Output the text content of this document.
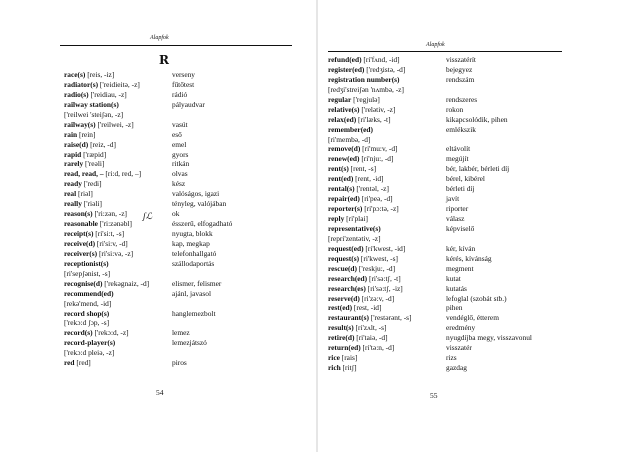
Alapfok
R
race(s) [reis, -iz]	verseny
radiator(s) ['reidieitə, -z]	fűtőtest
radio(s) ['reidiau, -z]	rádió
railway station(s)	pályaudvar
['reilwei 'steiʃən, -z]
railway(s) ['reilwei, -z]	vasút
rain [rein]	eső
raise(d) [reiz, -d]	emel
rapid ['ræpid]	gyors
rarely ['reəli]	ritkán
read, read, – [ri:d, red, –]	olvas
ready ['redi]	kész
real [riəl]	valóságos, igazi
really ['riəli]	tényleg, valójában
reason(s) ['ri:zən, -z]	ok
reasonable ['ri:zənəbl]	ésszerű, elfogadható
receipt(s) [ri'si:t, -s]	nyugta, blokk
receive(d) [ri'si:v, -d]	kap, megkap
receiver(s) [ri'si:və, -z]	telefonhallgató
receptionist(s)	szállodaportás
[ri'sepʃənist, -s]
recognise(d) ['rekəgnaiz, -d]	elismer, felismer
recommend(ed)	ajánl, javasol
[rekə'mend, -id]
record shop(s)	hanglemezbolt
['rekɔ:d ʃɔp, -s]
record(s) ['rekɔ:d, -z]	lemez
record-player(s)	lemezjátszó
['rekɔ:d pleiə, -z]
red [red]	piros
ʃℒ
54
Alapfok
refund(ed) [ri'fʌnd, -id]	visszatérít
register(ed) ['redʒistə, -d]	bejegyez
registration number(s)	rendszám
[redʒi'streiʃən 'nʌmbə, -z]
regular ['regjulə]	rendszeres
relative(s) ['relətiv, -z]	rokon
relax(ed) [ri'læks, -t]	kikapcsolódik, pihen
remember(ed)	emlékszik
[ri'membə, -d]
remove(d) [ri'mu:v, -d]	eltávolít
renew(ed) [ri'nju:, -d]	megújít
rent(s) [rent, -s]	bér, lakbér, bérleti díj
rent(ed) [rent, -id]	bérel, kibérel
rental(s) ['rentəl, -z]	bérleti díj
repair(ed) [ri'peə, -d]	javít
reporter(s) [ri'pɔ:tə, -z]	riporter
reply [ri'plai]	válasz
representative(s)	képviselő
[repri'zentətiv, -z]
request(ed) [ri'kwest, -id]	kér, kíván
request(s) [ri'kwest, -s]	kérés, kívánság
rescue(d) ['reskju:, -d]	megment
research(ed) [ri'sə:tʃ, -t]	kutat
research(es) [ri'sə:tʃ, -iz]	kutatás
reserve(d) [ri'zə:v, -d]	lefoglal (szobát stb.)
rest(ed) [rest, -id]	pihen
restaurant(s) ['restərənt, -s]	vendéglő, étterem
result(s) [ri'zʌlt, -s]	eredmény
retire(d) [ri'taiə, -d]	nyugdíjba megy, visszavonul
return(ed) [ri'tə:n, -d]	visszatér
rice [rais]	rizs
rich [ritʃ]	gazdag
55
